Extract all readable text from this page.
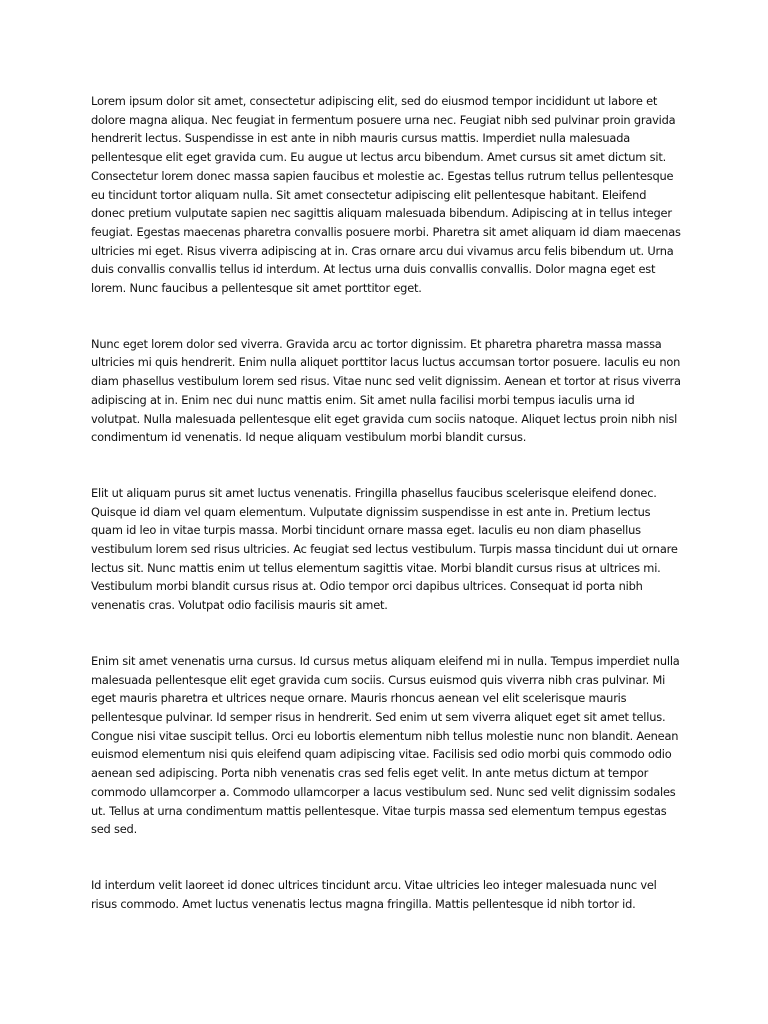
Lorem ipsum dolor sit amet, consectetur adipiscing elit, sed do eiusmod tempor incididunt ut labore et dolore magna aliqua. Nec feugiat in fermentum posuere urna nec. Feugiat nibh sed pulvinar proin gravida hendrerit lectus. Suspendisse in est ante in nibh mauris cursus mattis. Imperdiet nulla malesuada pellentesque elit eget gravida cum. Eu augue ut lectus arcu bibendum. Amet cursus sit amet dictum sit. Consectetur lorem donec massa sapien faucibus et molestie ac. Egestas tellus rutrum tellus pellentesque eu tincidunt tortor aliquam nulla. Sit amet consectetur adipiscing elit pellentesque habitant. Eleifend donec pretium vulputate sapien nec sagittis aliquam malesuada bibendum. Adipiscing at in tellus integer feugiat. Egestas maecenas pharetra convallis posuere morbi. Pharetra sit amet aliquam id diam maecenas ultricies mi eget. Risus viverra adipiscing at in. Cras ornare arcu dui vivamus arcu felis bibendum ut. Urna duis convallis convallis tellus id interdum. At lectus urna duis convallis convallis. Dolor magna eget est lorem. Nunc faucibus a pellentesque sit amet porttitor eget.

Nunc eget lorem dolor sed viverra. Gravida arcu ac tortor dignissim. Et pharetra pharetra massa massa ultricies mi quis hendrerit. Enim nulla aliquet porttitor lacus luctus accumsan tortor posuere. Iaculis eu non diam phasellus vestibulum lorem sed risus. Vitae nunc sed velit dignissim. Aenean et tortor at risus viverra adipiscing at in. Enim nec dui nunc mattis enim. Sit amet nulla facilisi morbi tempus iaculis urna id volutpat. Nulla malesuada pellentesque elit eget gravida cum sociis natoque. Aliquet lectus proin nibh nisl condimentum id venenatis. Id neque aliquam vestibulum morbi blandit cursus.

Elit ut aliquam purus sit amet luctus venenatis. Fringilla phasellus faucibus scelerisque eleifend donec. Quisque id diam vel quam elementum. Vulputate dignissim suspendisse in est ante in. Pretium lectus quam id leo in vitae turpis massa. Morbi tincidunt ornare massa eget. Iaculis eu non diam phasellus vestibulum lorem sed risus ultricies. Ac feugiat sed lectus vestibulum. Turpis massa tincidunt dui ut ornare lectus sit. Nunc mattis enim ut tellus elementum sagittis vitae. Morbi blandit cursus risus at ultrices mi. Vestibulum morbi blandit cursus risus at. Odio tempor orci dapibus ultrices. Consequat id porta nibh venenatis cras. Volutpat odio facilisis mauris sit amet.

Enim sit amet venenatis urna cursus. Id cursus metus aliquam eleifend mi in nulla. Tempus imperdiet nulla malesuada pellentesque elit eget gravida cum sociis. Cursus euismod quis viverra nibh cras pulvinar. Mi eget mauris pharetra et ultrices neque ornare. Mauris rhoncus aenean vel elit scelerisque mauris pellentesque pulvinar. Id semper risus in hendrerit. Sed enim ut sem viverra aliquet eget sit amet tellus. Congue nisi vitae suscipit tellus. Orci eu lobortis elementum nibh tellus molestie nunc non blandit. Aenean euismod elementum nisi quis eleifend quam adipiscing vitae. Facilisis sed odio morbi quis commodo odio aenean sed adipiscing. Porta nibh venenatis cras sed felis eget velit. In ante metus dictum at tempor commodo ullamcorper a. Commodo ullamcorper a lacus vestibulum sed. Nunc sed velit dignissim sodales ut. Tellus at urna condimentum mattis pellentesque. Vitae turpis massa sed elementum tempus egestas sed sed.

Id interdum velit laoreet id donec ultrices tincidunt arcu. Vitae ultricies leo integer malesuada nunc vel risus commodo. Amet luctus venenatis lectus magna fringilla. Mattis pellentesque id nibh tortor id.
